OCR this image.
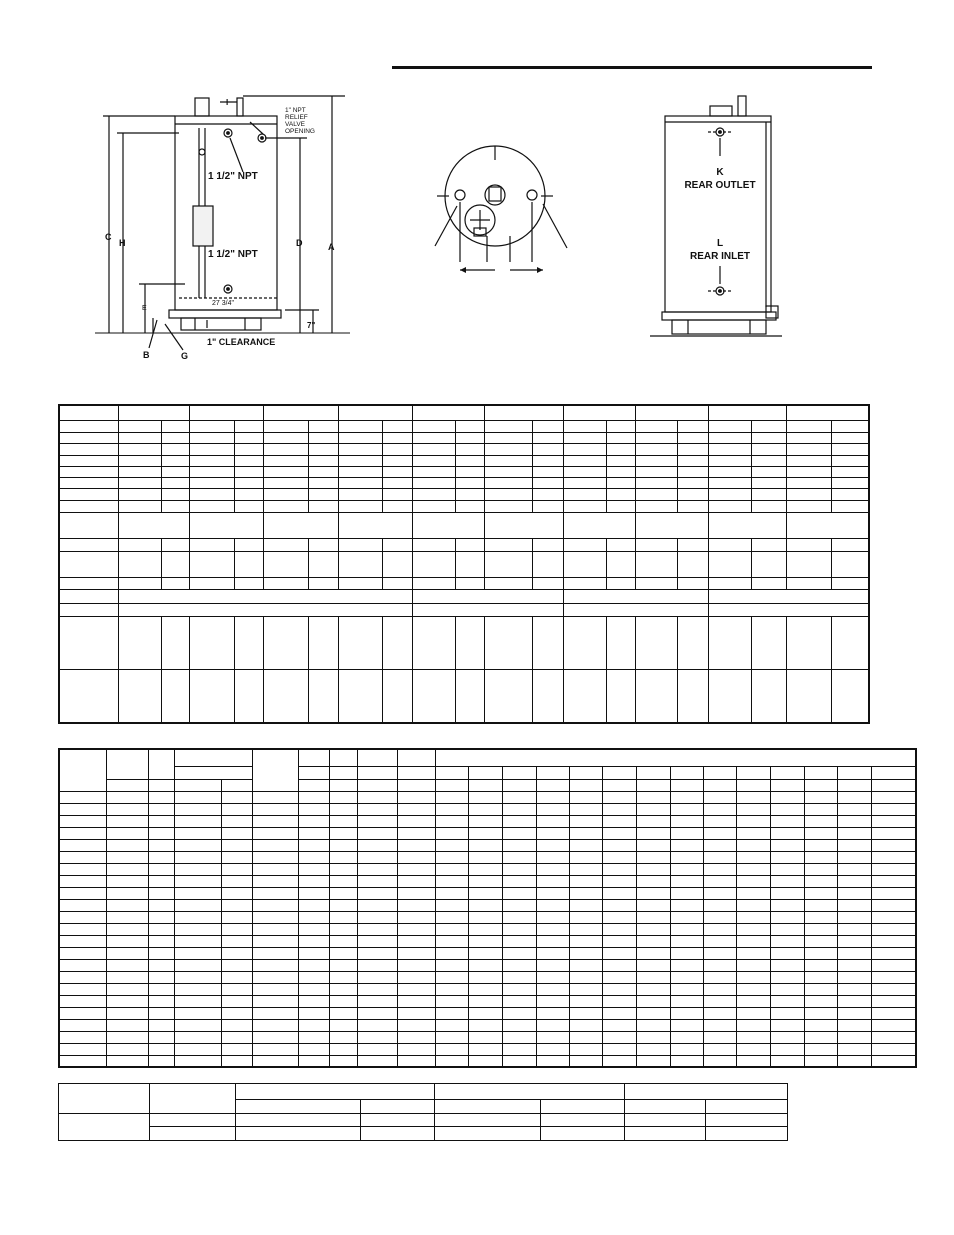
C
H
E
D	A
I
B	G
1" NPT
RELIEF
VALVE
OPENING
1 1/2" NPT
1 1/2" NPT
27 3/4"
7"
1" CLEARANCE
K
REAR OUTLET
L
REAR INLET
